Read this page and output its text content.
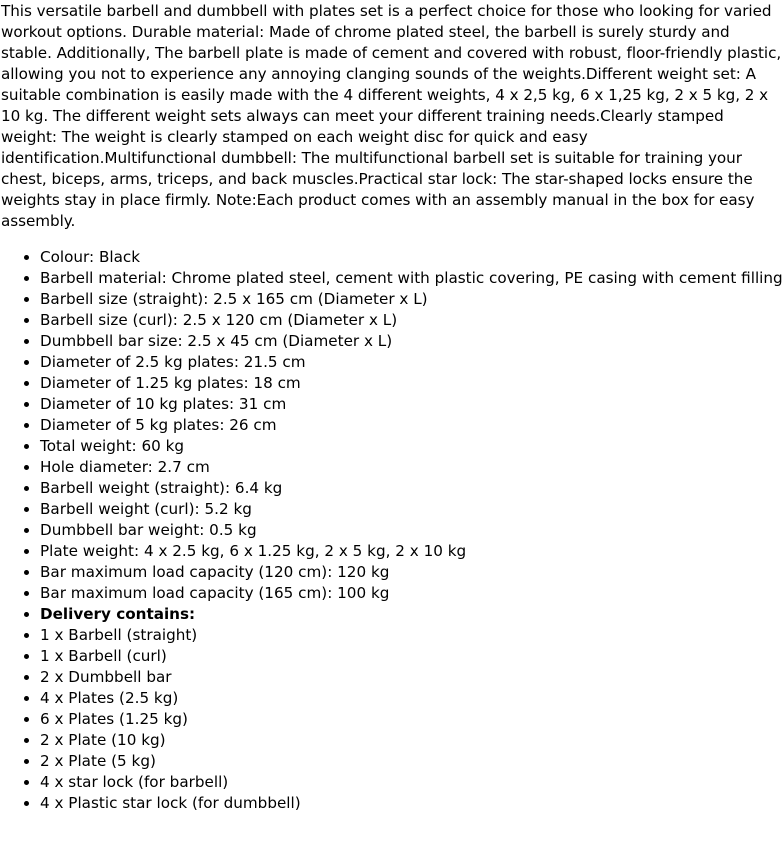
This versatile barbell and dumbbell with plates set is a perfect choice for those who looking for varied workout options. Durable material: Made of chrome plated steel, the barbell is surely sturdy and stable. Additionally, The barbell plate is made of cement and covered with robust, floor-friendly plastic, allowing you not to experience any annoying clanging sounds of the weights.Different weight set: A suitable combination is easily made with the 4 different weights, 4 x 2,5 kg, 6 x 1,25 kg, 2 x 5 kg, 2 x 10 kg. The different weight sets always can meet your different training needs.Clearly stamped weight: The weight is clearly stamped on each weight disc for quick and easy identification.Multifunctional dumbbell: The multifunctional barbell set is suitable for training your chest, biceps, arms, triceps, and back muscles.Practical star lock: The star-shaped locks ensure the weights stay in place firmly. Note:Each product comes with an assembly manual in the box for easy assembly.

• Colour: Black
• Barbell material: Chrome plated steel, cement with plastic covering, PE casing with cement filling
• Barbell size (straight): 2.5 x 165 cm (Diameter x L)
• Barbell size (curl): 2.5 x 120 cm (Diameter x L)
• Dumbbell bar size: 2.5 x 45 cm (Diameter x L)
• Diameter of 2.5 kg plates: 21.5 cm
• Diameter of 1.25 kg plates: 18 cm
• Diameter of 10 kg plates: 31 cm
• Diameter of 5 kg plates: 26 cm
• Total weight: 60 kg
• Hole diameter: 2.7 cm
• Barbell weight (straight): 6.4 kg
• Barbell weight (curl): 5.2 kg
• Dumbbell bar weight: 0.5 kg
• Plate weight: 4 x 2.5 kg, 6 x 1.25 kg, 2 x 5 kg, 2 x 10 kg
• Bar maximum load capacity (120 cm): 120 kg
• Bar maximum load capacity (165 cm): 100 kg
• Delivery contains:
• 1 x Barbell (straight)
• 1 x Barbell (curl)
• 2 x Dumbbell bar
• 4 x Plates (2.5 kg)
• 6 x Plates (1.25 kg)
• 2 x Plate (10 kg)
• 2 x Plate (5 kg)
• 4 x star lock (for barbell)
• 4 x Plastic star lock (for dumbbell)
